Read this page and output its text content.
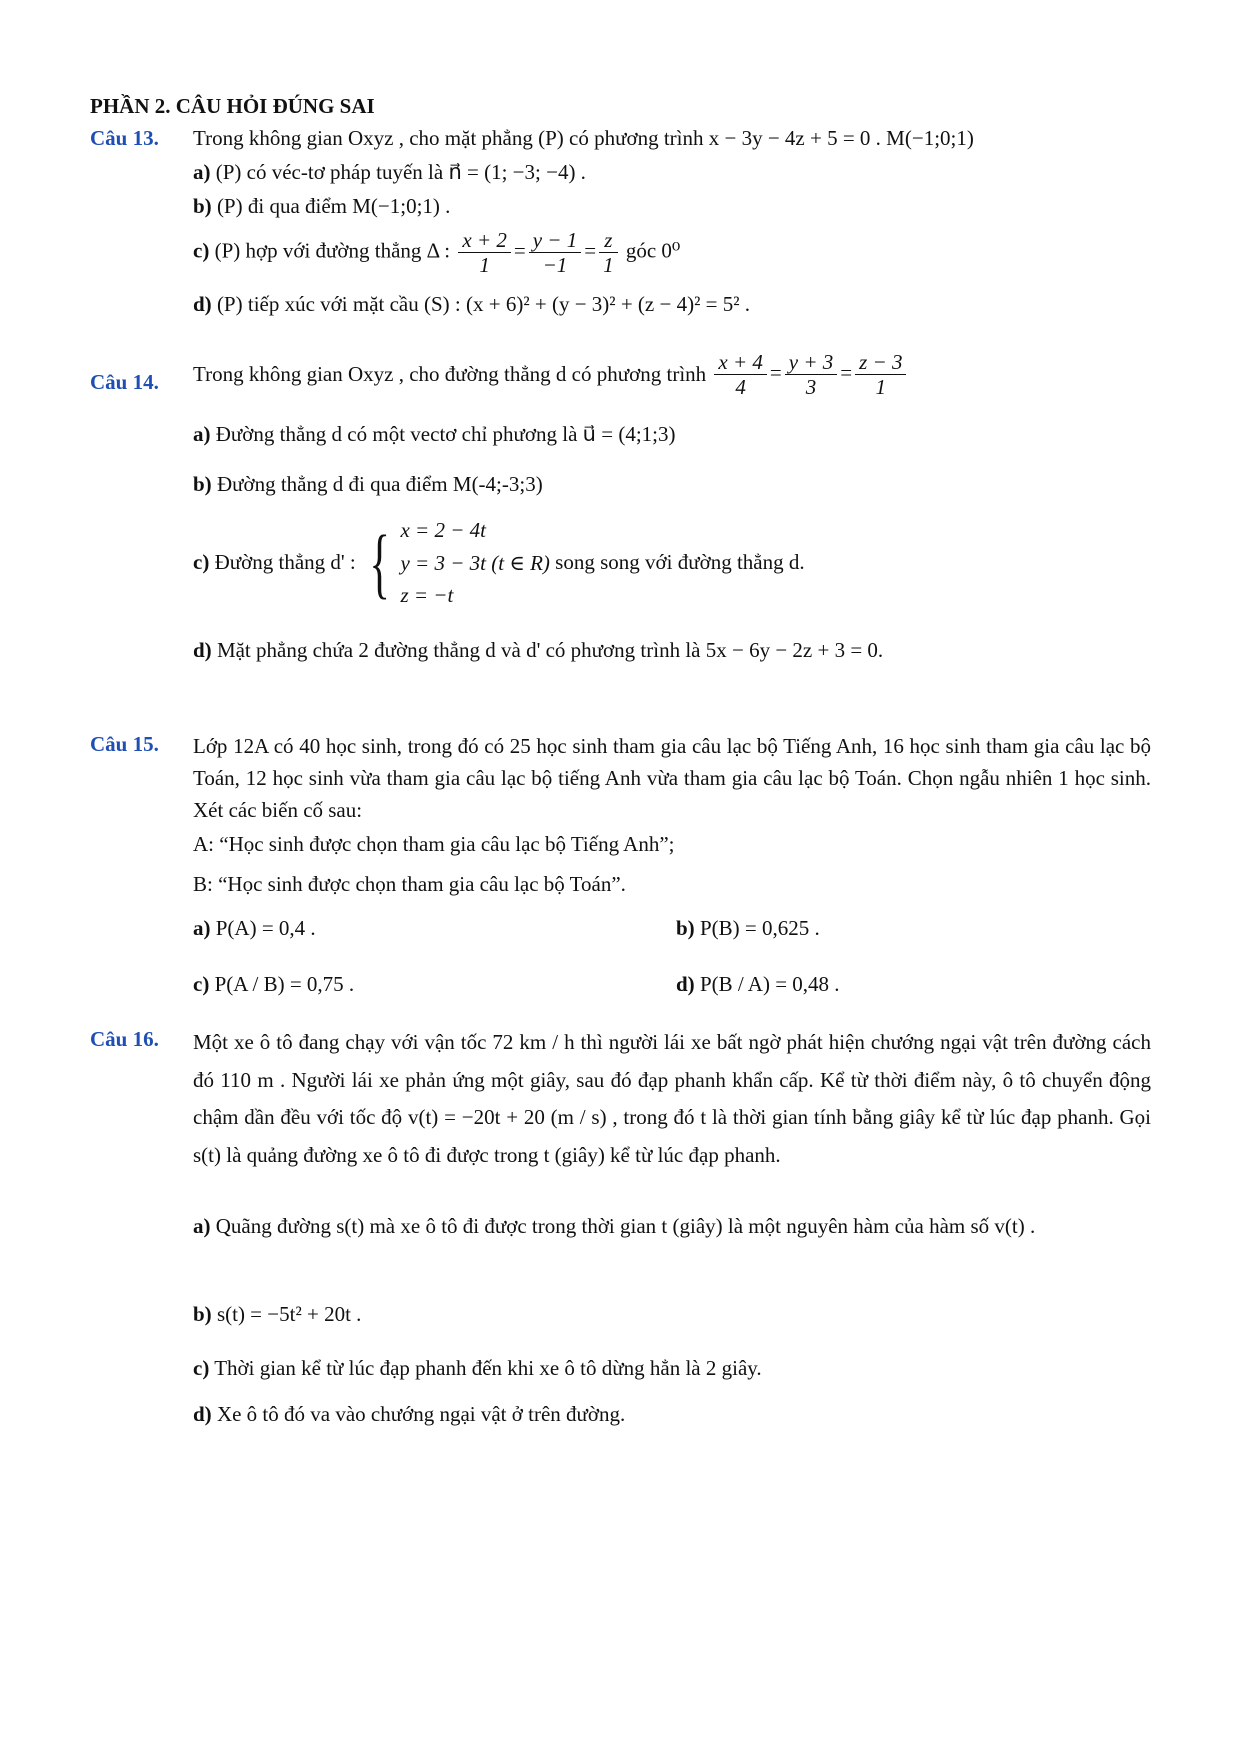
PHẦN 2. CÂU HỎI ĐÚNG SAI
Câu 13. Trong không gian Oxyz , cho mặt phẳng (P) có phương trình x − 3y − 4z + 5 = 0 . M(−1;0;1)
a) (P) có véc-tơ pháp tuyến là n⃗ = (1; −3; −4) .
b) (P) đi qua điểm M(−1;0;1) .
c) (P) hợp với đường thẳng Δ : $\frac{x + 2}{1} = \frac{y - 1}{-1} = \frac{z}{1}$ góc 0⁰
d) (P) tiếp xúc với mặt cầu (S) : (x + 6)² + (y − 3)² + (z − 4)² = 5² .
Câu 14. Trong không gian Oxyz , cho đường thẳng d có phương trình $\frac{x + 4}{4} = \frac{y + 3}{3} = \frac{z - 3}{1}$
a) Đường thẳng d có một vectơ chỉ phương là u⃗ = (4;1;3)
b) Đường thẳng d đi qua điểm M(-4;-3;3)
c) Đường thẳng d' : { x = 2 − 4t
y = 3 − 3t (t ∈ R)
z = −t
song song với đường thẳng d.
d) Mặt phẳng chứa 2 đường thẳng d và d' có phương trình là 5x − 6y − 2z + 3 = 0.
Câu 15. Lớp 12A có 40 học sinh, trong đó có 25 học sinh tham gia câu lạc bộ Tiếng Anh, 16 học sinh tham gia câu lạc bộ Toán, 12 học sinh vừa tham gia câu lạc bộ tiếng Anh vừa tham gia câu lạc bộ Toán. Chọn ngẫu nhiên 1 học sinh. Xét các biến cố sau:
A: “Học sinh được chọn tham gia câu lạc bộ Tiếng Anh”;
B: “Học sinh được chọn tham gia câu lạc bộ Toán”.
a) P(A) = 0,4 .	b) P(B) = 0,625 .
c) P(A / B) = 0,75 .	d) P(B / A) = 0,48 .
Câu 16. Một xe ô tô đang chạy với vận tốc 72 km / h thì người lái xe bất ngờ phát hiện chướng ngại vật trên đường cách đó 110 m . Người lái xe phản ứng một giây, sau đó đạp phanh khẩn cấp. Kể từ thời điểm này, ô tô chuyển động chậm dần đều với tốc độ v(t) = −20t + 20 (m / s) , trong đó t là thời gian tính bằng giây kể từ lúc đạp phanh. Gọi s(t) là quảng đường xe ô tô đi được trong t (giây) kể từ lúc đạp phanh.
a) Quãng đường s(t) mà xe ô tô đi được trong thời gian t (giây) là một nguyên hàm của hàm số v(t) .
b) s(t) = −5t² + 20t .
c) Thời gian kể từ lúc đạp phanh đến khi xe ô tô dừng hẳn là 2 giây.
d) Xe ô tô đó va vào chướng ngại vật ở trên đường.
